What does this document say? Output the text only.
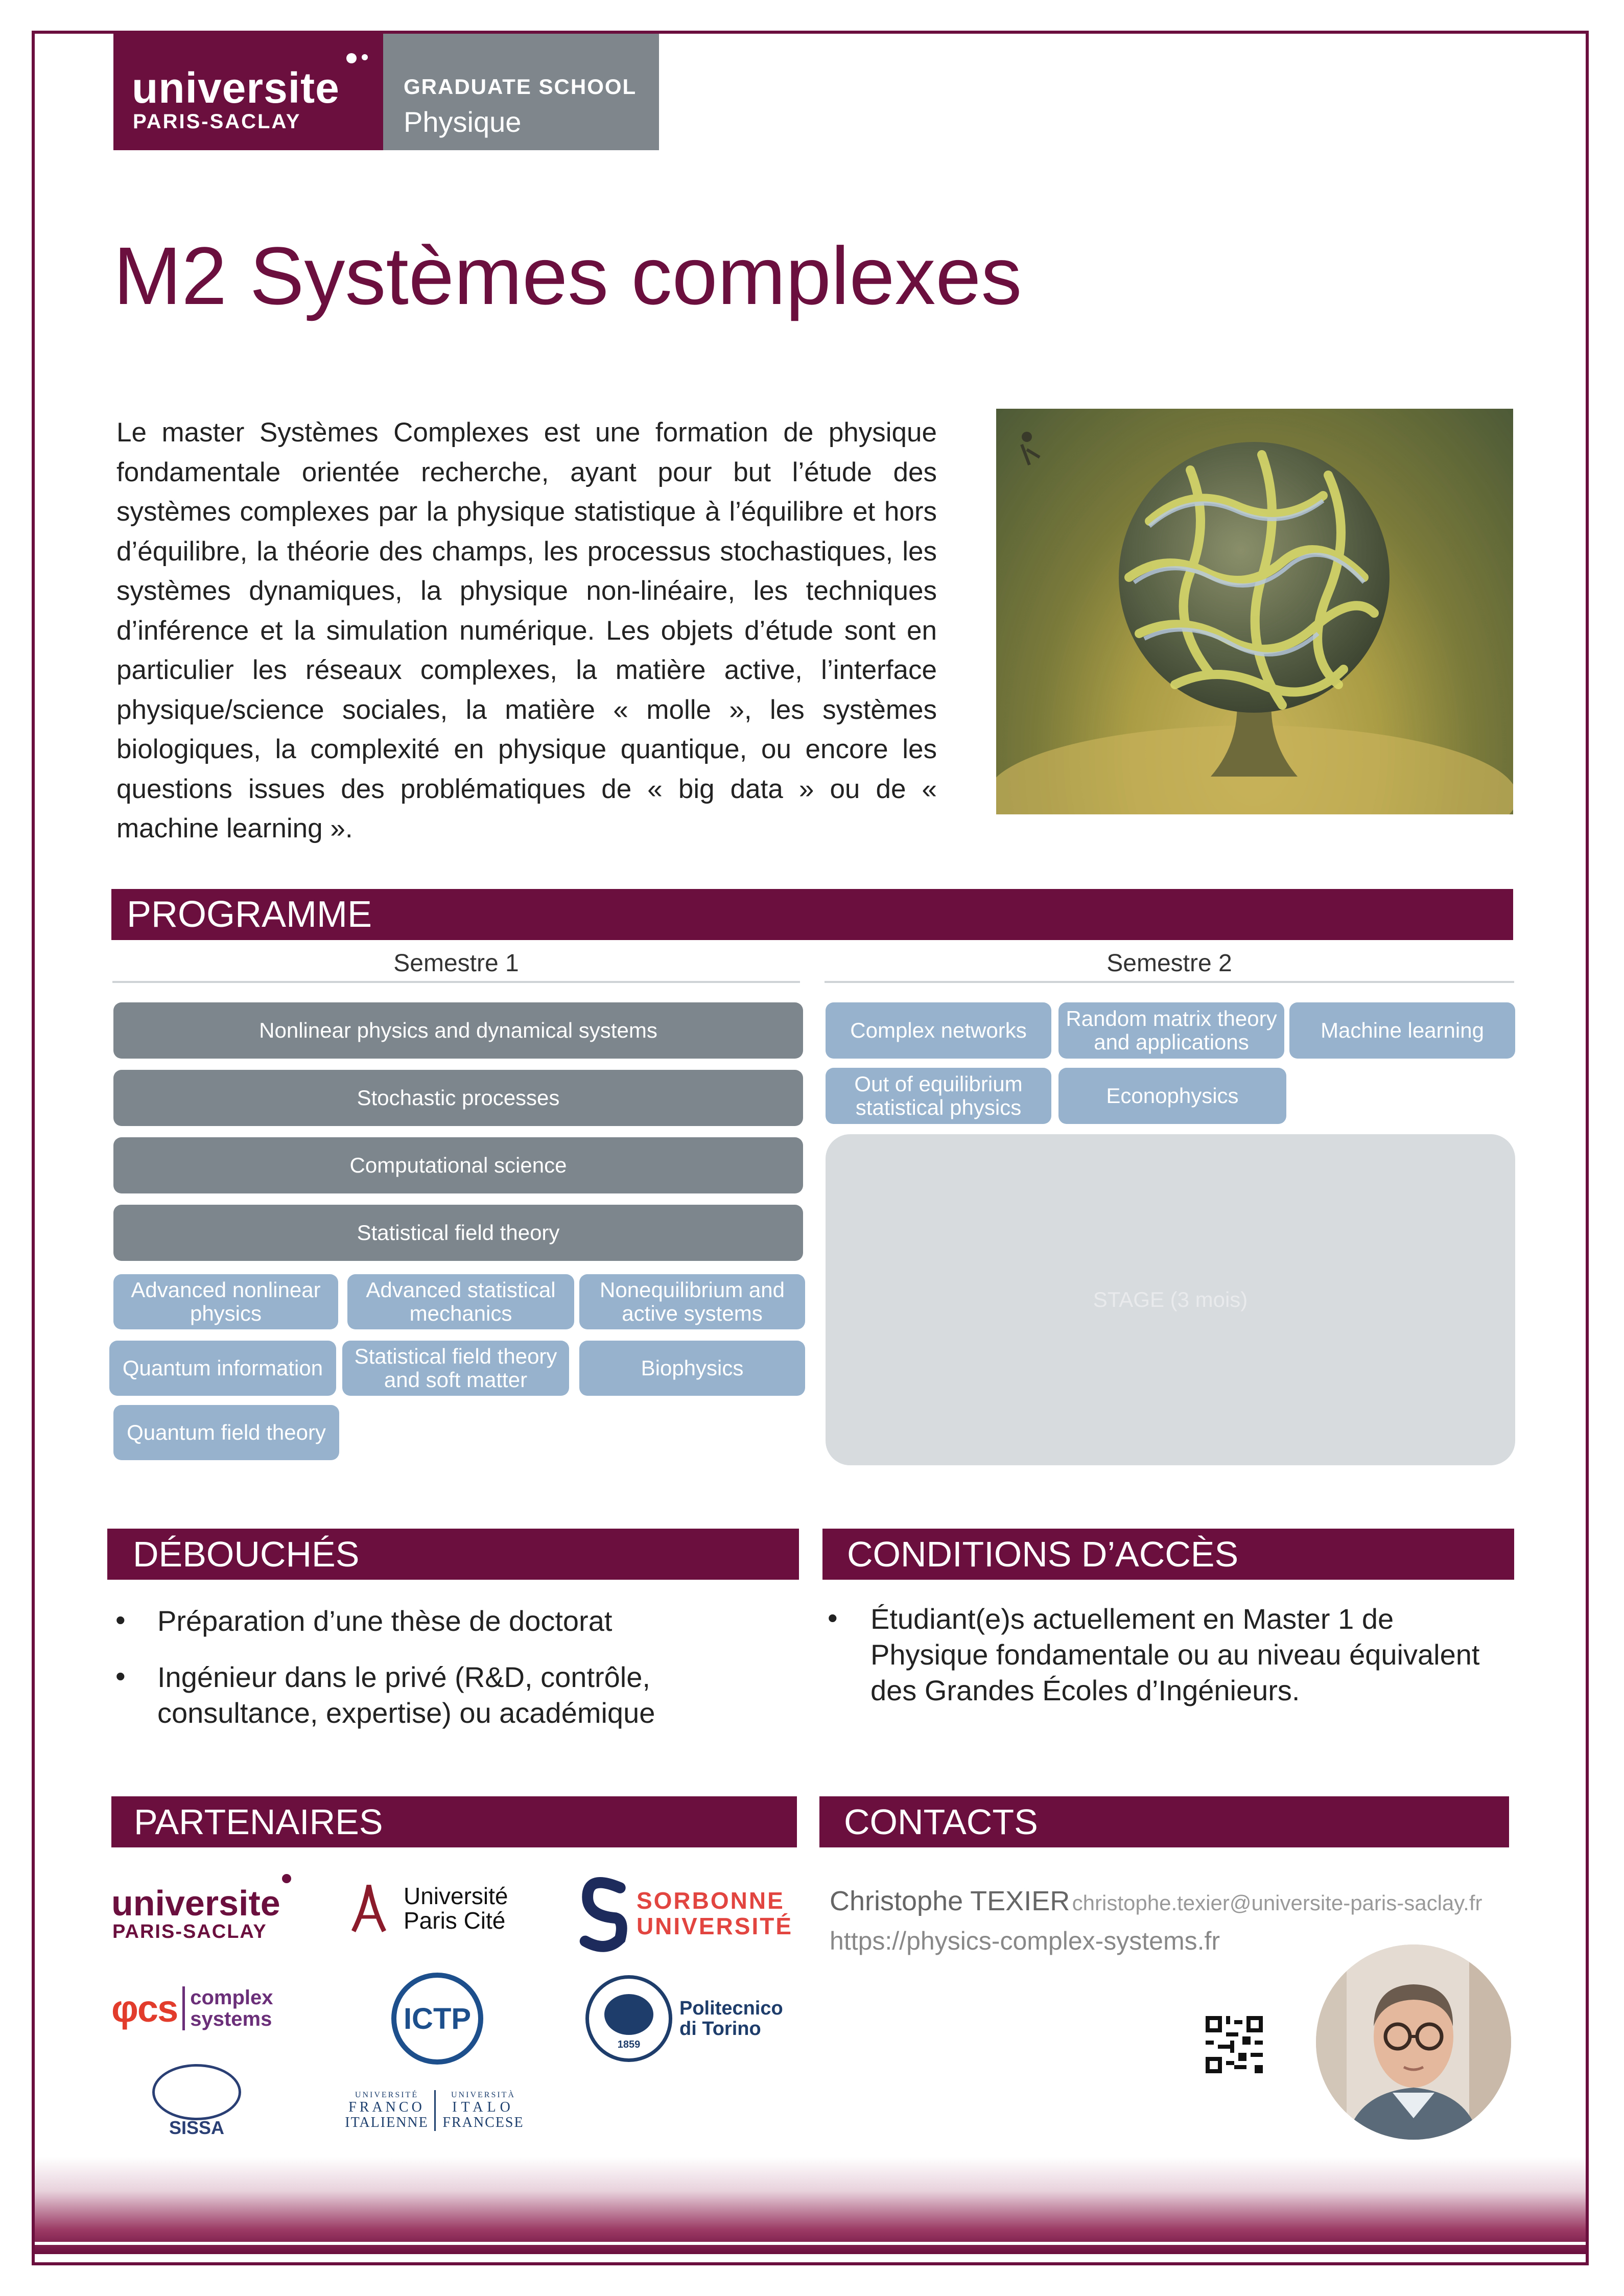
universite
PARIS-SACLAY
GRADUATE SCHOOL
Physique
M2 Systèmes complexes
Le master Systèmes Complexes est une formation de physique fondamentale orientée recherche, ayant pour but l’étude des systèmes complexes par la physique statistique à l’équilibre et hors d’équilibre, la théorie des champs, les processus stochastiques, les systèmes dynamiques, la physique non-linéaire, les techniques d’inférence et la simulation numérique. Les objets d’étude sont en particulier les réseaux complexes, la matière active, l’interface physique/science sociales, la matière « molle », les systèmes biologiques, la complexité en physique quantique, ou encore les questions issues des problématiques de « big data » ou de « machine learning ».
PROGRAMME
Semestre 1	Semestre 2
Nonlinear physics and dynamical systems
Stochastic processes
Computational science
Statistical field theory
Advanced nonlinear physics
Advanced statistical mechanics
Nonequilibrium and active systems
Quantum information	Statistical field theory and soft matter	Biophysics
Quantum field theory
Complex networks	Random matrix theory and applications	Machine learning
Out of equilibrium statistical physics	Econophysics
STAGE (3 mois)
DÉBOUCHÉS
• Préparation d’une thèse de doctorat
• Ingénieur dans le privé (R&D, contrôle, consultance, expertise) ou académique
CONDITIONS D’ACCÈS
• Étudiant(e)s actuellement en Master 1 de Physique fondamentale ou au niveau équivalent des Grandes Écoles d’Ingénieurs.
PARTENAIRES
universite
PARIS-SACLAY
Université
Paris Cité
SORBONNE
UNIVERSITÉ
φcs complex
systems	ICTP
1859
Politecnico
di Torino
SISSA
UNIVERSITÉ
FRANCO
ITALIENNE
UNIVERSITÀ
ITALO
FRANCESE
CONTACTS
Christophe TEXIER christophe.texier@universite-paris-saclay.fr
https://physics-complex-systems.fr
